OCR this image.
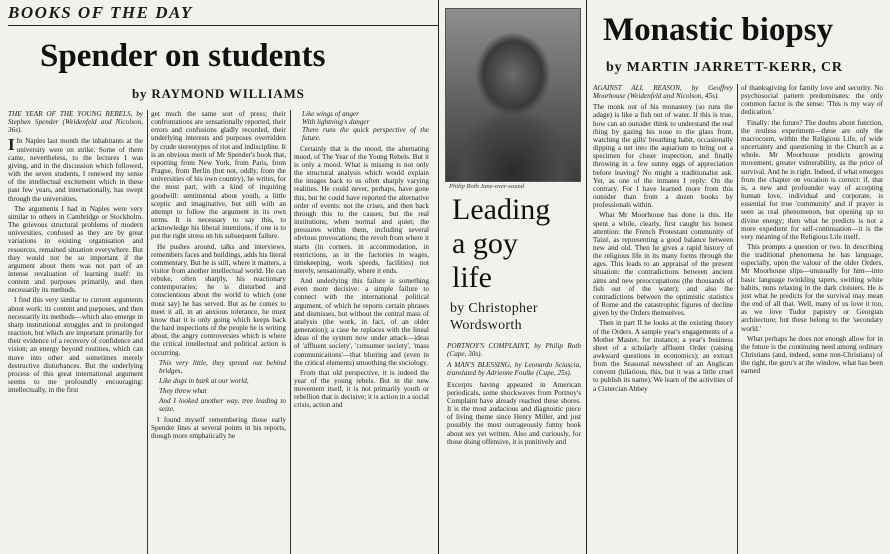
BOOKS OF THE DAY
Spender on students
by RAYMOND WILLIAMS

THE YEAR OF THE YOUNG REBELS, by Stephen Spender (Weidenfeld and Nicolson, 36s).

I In Naples last month the inhabitants at the university were on strike. Some of them came, nevertheless, to the lectures I was giving, and in the discussion which followed, with the seven students, I renewed my sense of the intellectual excitement which in these past few years, and internationally, has swept through the universities.

The arguments I had in Naples were very similar to others in Cambridge or Stockholm. The grievous structural problems of modern universities, confused as they are by great variations in existing organisation and resources, remained situation everywhere. But they would not be so important if the argument about them was not part of an intense revaluation of learning itself: its content and purposes primarily, and then necessarily its methods.

I find this very similar to current arguments about work: its content and purposes, and then necessarily its methods—which also emerge in sharp institutional struggles and in prolonged reaction, but which are important primarily for their evidence of a recovery of confidence and vision; an energy beyond routines, which can move into other and sometimes merely destructive disturbances. But the underlying process of this great international argument seems to me profoundly encouraging: intellectually, in the first

get much the same sort of press; their confrontations are sensationally reported, their errors and confusions gladly recorded, their underlying interests and purposes overridden by crude stereotypes of riot and indiscipline. It is an obvious merit of Mr Spender's book that, reporting from New York, from Paris, from Prague, from Berlin (but not, oddly, from the universities of his own country), he writes, for the most part, with a kind of inquiring goodwill: sentimental about youth, a little sceptic and imaginative, but still with an attempt to follow the argument in its own terms. It is necessary to say this, to acknowledge his liberal intentions, if one is to put the right stress on his subsequent failure.

He pushes around, talks and interviews, remembers faces and buildings, adds his literal commentary. But he is still, where it matters, a visitor from another intellectual world. He can rebuke, often sharply, his reactionary contemporaries; he is disturbed and conscientious about the world to which (one must say) he has served. But as he comes to meet it all, in an anxious tolerance, he must know that it is only going which keeps back the hard inspections of the people he is writing about, the angry controversies which is where the critical intellectual and political action is occurring.

This very little, they spread out behind bridges,

Like dogs in bark at our world,

They threw what

And I looked another way, tree leading to seize.

I found myself remembering those early Spender lines at several points in his reports, though more emphatically he

Like wings of anger

With lightning's danger

There runs the quick perspective of the future.

Certainly that is the mood, the alternating mood, of The Year of the Young Rebels. But it is only a mood. What is missing is not only the structural analysis which would explain the images back to us often sharply varying realities. He could never, perhaps, have gone this, but he could have reported the alternative order of events: not the crises, and then back through this to the causes; but the real institutions, when normal and quiet; the pressures within them, including several obvious provocations; the revolt from where it starts (in corners, in accommodation, in restrictions, as in the factories in wages, timekeeping, work speeds, facilities) not merely, sensationally, where it ends.

And underlying this failure is something even more decisive: a simple failure to connect with the international political argument, of which he reports certain phrases and dismisses, but without the central mass of analysis (the work, in fact, of an older generation); a case he replaces with the lineal ideas of the system now under attack—ideas of 'affluent society', 'consumer society', 'mass communications'—that blurring and (even in the critical elements) smoothing the sociology.

From that old perspective, it is indeed the year of the young rebels. But in the new movement itself, it is not primarily youth or rebellion that is decisive; it is action in a social crisis, action and

Philip Roth Jane-over-sound
Leading
a goy
life
by Christopher
Wordsworth

PORTNOY'S COMPLAINT, by Philip Roth (Cape, 30s).

A MAN'S BLESSING, by Leonardo Sciascia, translated by Adrienne Foulke (Cape, 25s).

Excerpts having appeared in American periodicals, some shockwaves from Portnoy's Complaint have already reached these shores. It is the most audacious and diagnostic piece of living theme since Henry Miller, and just possibly the most outrageously funny book about sex yet written. Also and curiously, for those doing offensive, it is punitively and

Monastic biopsy
by MARTIN JARRETT-KERR, CR

AGAINST ALL REASON, by Geoffrey Moorhouse (Weidenfeld and Nicolson, 45s).

The monk out of his monastery (so runs the adage) is like a fish out of water. If this is true, how can an outsider think to understand the real thing by gazing his nose to the glass front, watching the gills' breathing habit, occasionally dipping a net into the aquarium to bring out a specimen for closer inspection, and finally throwing in a few sunny eggs of appreciation before leaving? No might a traditionalist ask. Yet, as one of the inmates I reply: On the contrary. For I have learned more from this outsider than from a dozen books by professionals within.

What Mr Moorhouse has done is this. He spent a while, clearly, first caught his honest attention: the French Protestant community of Taizé, as representing a good balance between new and old. Then he gives a rapid history of the religious life in its many forms through the ages. This leads to an appraisal of the present situation: the contradictions between ancient aims and new preoccupations (the thousands of fish out of the water); and also the contradictions between the optimistic statistics of Rome and the catastrophic figures of decline given by the Orders themselves.

Then in part II he looks at the existing theory of the Orders. A sample year's engagements of a Mother Master, for instance; a year's business sheet of a scholarly affluent Order (raising awkward questions in economics); an extract from the Seasonal newssheet of an Anglican convent (hilarious, this, but it was a little cruel to publish its name). We learn of the activities of a Cistercian Abbey

of thanksgiving for family love and security. No psychosocial pattern predominates: the only common factor is the sense: 'This is my way of dedication.'

Finally: the future? The doubts about function, the restless experiment—these are only the macrocosm, within the Religious Life, of wide uncertainty and questioning in the Church as a whole. Mr Moorhouse predicts growing movement, greater vulnerability, as the price of survival. And he is right. Indeed, if what emerges from the chapter on vocation is correct: if, that is, a new and profounder way of accepting human love, individual and corporate, is essential for true 'community' and if prayer is seen as real phenomenon, but opening up to divine energy; then what he predicts is not a more expedient for self-continuation—it is the very meaning of the Religious Life itself.

This prompts a question or two. In describing the traditional phenomena he has language, especially, upon the valour of the older Orders, Mr Moorhouse slips—unusually for him—into basic language twinkling tapers, swirling white habits, nuns relaxing in the dark cloisters. He is just what he predicts for the survival may mean the end of all that. Well, many of us love it too, as we love Tudor papistry or Georgian architecture; but these belong to the 'secondary world.'

What perhaps he does not enough allow for in the future is the continuing need among ordinary Christians (and, indeed, some non-Christians) of the right, the guru's at the window, what has been earned
